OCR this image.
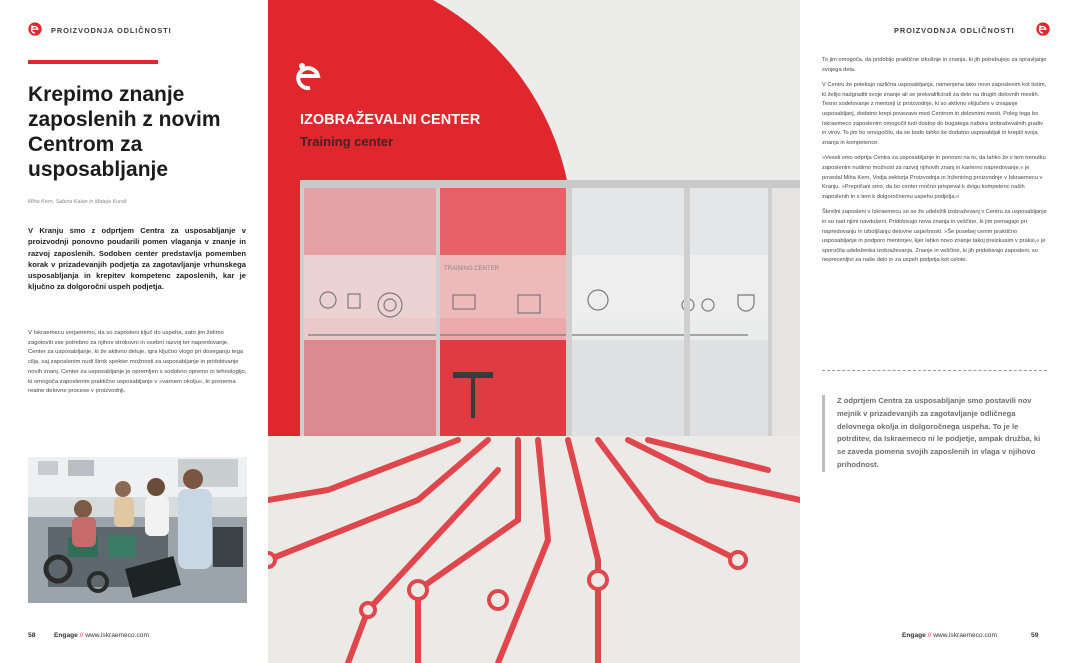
PROIZVODNJA ODLIČNOSTI
Krepimo znanje zaposlenih z novim Centrom za usposabljanje
Miha Kern, Sabina Kalan in Mateja Kuralt

V Kranju smo z odprtjem Centra za usposabljanje v proizvodnji ponovno poudarili pomen vlaganja v znanje in razvoj zaposlenih. Sodoben center predstavlja pomemben korak v prizadevanjih podjetja za zagotavljanje vrhunskega usposabljanja in krepitev kompetenc zaposlenih, kar je ključno za dolgoročni uspeh podjetja.

V Iskraemecu verjamemo, da so zaposleni ključ do uspeha, zato jim želimo zagotoviti vse potrebno za njihov strokovni in osebni razvoj ter napredovanje. Center za usposabljanje, ki že aktivno deluje, igra ključno vlogo pri doseganju tega cilja, saj zaposlenim nudi širok spekter možnosti za usposabljanje in pridobivanje novih znanj. Center za usposabljanje je opremljen s sodobno opremo in tehnologijo, ki omogoča zaposlenim praktično usposabljanje v »varnem okolju«, ki posnema realne delovne procese v proizvodnji.

58	Engage // www.iskraemeco.com
IZOBRAŽEVALNI CENTER
Training center
TRAINING CENTER
PROIZVODNJA ODLIČNOSTI

To jim omogoča, da pridobijo praktične izkušnje in znanja, ki jih potrebujejo za opravljanje svojega dela.

V Centru že potekajo različna usposabljanja, namenjena tako novo zaposlenim kot tistim, ki želijo nadgraditi svoje znanje ali se prekvalificirati za delo na drugih delovnih mestih. Tesno sodelovanje z mentorji iz proizvodnje, ki so aktivno vključeni v izvajanje usposabljanj, dodatno krepi povezavo med Centrom in delovnimi mesti. Poleg tega bo Iskraemeco zaposlenim omogočil tudi dostop do bogatega nabora izobraževalnih gradiv in virov. To jim bo omogočilo, da se bodo lahko še dodatno usposabljali in krepili svoja znanja in kompetence.

»Veseli smo odprtja Centra za usposabljanje in ponosni na to, da lahko že v tem trenutku zaposlenim nudimo možnost za razvoj njihovih znanj in karierno napredovanje,« je povedal Miha Kern, Vodja sektorja Proizvodnja in Inženiring proizvodnje v Iskraemecu v Kranju. »Prepričani smo, da bo center močno prispeval k dvigu kompetenc naših zaposlenih in s tem k dolgoročnemu uspehu podjetja.«

Številni zaposleni v Iskraemecu so se že udeležili izobraževanj v Centru za usposabljanje in so nad njimi navdušeni. Pridobivajo nova znanja in veščine, ki jim pomagajo pri napredovanju in izboljšanju delovne uspešnosti. »Še posebej cenim praktično usposabljanje in podporo mentorjev, kjer lahko novo znanje takoj preizkusim v praksi,« je sporočila udeleženka izobraževanja. Znanje in veščine, ki jih pridobivajo zaposleni, so neprecenljivi za naše delo in za uspeh podjetja kot celote.

Z odprtjem Centra za usposabljanje smo postavili nov mejnik v prizadevanjih za zagotavljanje odličnega delovnega okolja in dolgoročnega uspeha. To je le potrditev, da Iskraemeco ni le podjetje, ampak družba, ki se zaveda pomena svojih zaposlenih in vlaga v njihovo prihodnost.
Engage // www.iskraemeco.com	59
